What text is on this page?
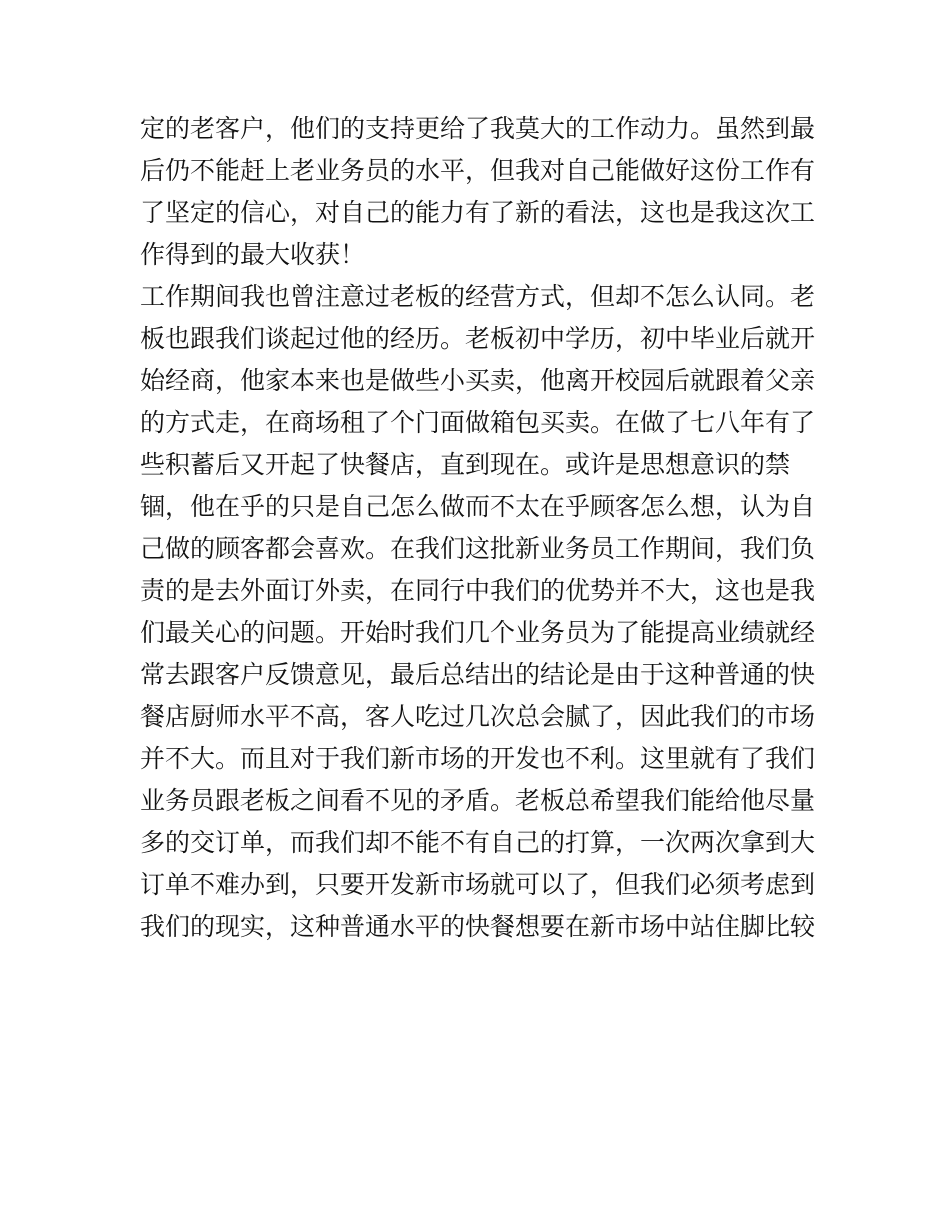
定的老客户，他们的支持更给了我莫大的工作动力。虽然到最
后仍不能赶上老业务员的水平，但我对自己能做好这份工作有
了坚定的信心，对自己的能力有了新的看法，这也是我这次工
作得到的最大收获！
工作期间我也曾注意过老板的经营方式，但却不怎么认同。老
板也跟我们谈起过他的经历。老板初中学历，初中毕业后就开
始经商，他家本来也是做些小买卖，他离开校园后就跟着父亲
的方式走，在商场租了个门面做箱包买卖。在做了七八年有了
些积蓄后又开起了快餐店，直到现在。或许是思想意识的禁
锢，他在乎的只是自己怎么做而不太在乎顾客怎么想，认为自
己做的顾客都会喜欢。在我们这批新业务员工作期间，我们负
责的是去外面订外卖，在同行中我们的优势并不大，这也是我
们最关心的问题。开始时我们几个业务员为了能提高业绩就经
常去跟客户反馈意见，最后总结出的结论是由于这种普通的快
餐店厨师水平不高，客人吃过几次总会腻了，因此我们的市场
并不大。而且对于我们新市场的开发也不利。这里就有了我们
业务员跟老板之间看不见的矛盾。老板总希望我们能给他尽量
多的交订单，而我们却不能不有自己的打算，一次两次拿到大
订单不难办到，只要开发新市场就可以了，但我们必须考虑到
我们的现实，这种普通水平的快餐想要在新市场中站住脚比较
